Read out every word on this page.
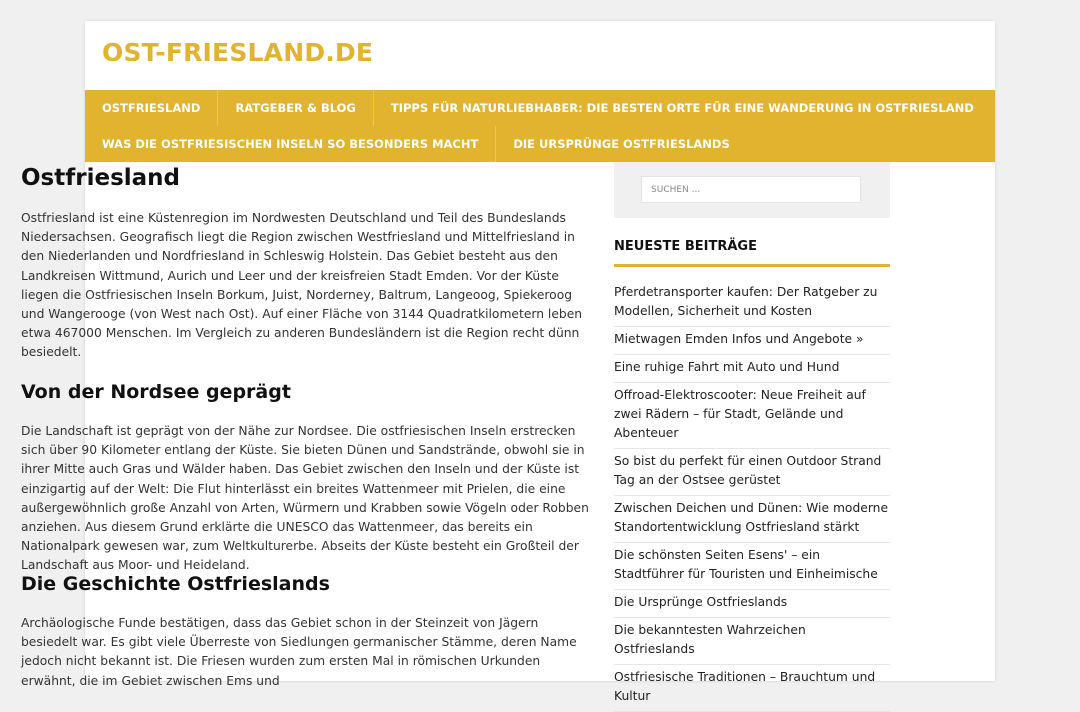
OST-FRIESLAND.DE
OSTFRIESLAND	RATGEBER & BLOG	TIPPS FÜR NATURLIEBHABER: DIE BESTEN ORTE FÜR EINE WANDERUNG IN OSTFRIESLAND
WAS DIE OSTFRIESISCHEN INSELN SO BESONDERS MACHT	DIE URSPRÜNGE OSTFRIESLANDS
Ostfriesland

Ostfriesland ist eine Küstenregion im Nordwesten Deutschland und Teil des Bundeslands Niedersachsen. Geografisch liegt die Region zwischen Westfriesland und Mittelfriesland in den Niederlanden und Nordfriesland in Schleswig Holstein. Das Gebiet besteht aus den Landkreisen Wittmund, Aurich und Leer und der kreisfreien Stadt Emden. Vor der Küste liegen die Ostfriesischen Inseln Borkum, Juist, Norderney, Baltrum, Langeoog, Spiekeroog und Wangerooge (von West nach Ost). Auf einer Fläche von 3144 Quadratkilometern leben etwa 467000 Menschen. Im Vergleich zu anderen Bundesländern ist die Region recht dünn besiedelt.

Von der Nordsee geprägt

Die Landschaft ist geprägt von der Nähe zur Nordsee. Die ostfriesischen Inseln erstrecken sich über 90 Kilometer entlang der Küste. Sie bieten Dünen und Sandstrände, obwohl sie in ihrer Mitte auch Gras und Wälder haben. Das Gebiet zwischen den Inseln und der Küste ist einzigartig auf der Welt: Die Flut hinterlässt ein breites Wattenmeer mit Prielen, die eine außergewöhnlich große Anzahl von Arten, Würmern und Krabben sowie Vögeln oder Robben anziehen. Aus diesem Grund erklärte die UNESCO das Wattenmeer, das bereits ein Nationalpark gewesen war, zum Weltkulturerbe. Abseits der Küste besteht ein Großteil der Landschaft aus Moor- und Heideland.

Die Geschichte Ostfrieslands

Archäologische Funde bestätigen, dass das Gebiet schon in der Steinzeit von Jägern besiedelt war. Es gibt viele Überreste von Siedlungen germanischer Stämme, deren Name jedoch nicht bekannt ist. Die Friesen wurden zum ersten Mal in römischen Urkunden erwähnt, die im Gebiet zwischen Ems und

SUCHEN ...
NEUESTE BEITRÄGE
Pferdetransporter kaufen: Der Ratgeber zu Modellen, Sicherheit und Kosten
Mietwagen Emden Infos und Angebote »
Eine ruhige Fahrt mit Auto und Hund
Offroad-Elektroscooter: Neue Freiheit auf zwei Rädern – für Stadt, Gelände und Abenteuer
So bist du perfekt für einen Outdoor Strand Tag an der Ostsee gerüstet
Zwischen Deichen und Dünen: Wie moderne Standortentwicklung Ostfriesland stärkt
Die schönsten Seiten Esens' – ein Stadtführer für Touristen und Einheimische
Die Ursprünge Ostfrieslands
Die bekanntesten Wahrzeichen Ostfrieslands
Ostfriesische Traditionen – Brauchtum und Kultur
